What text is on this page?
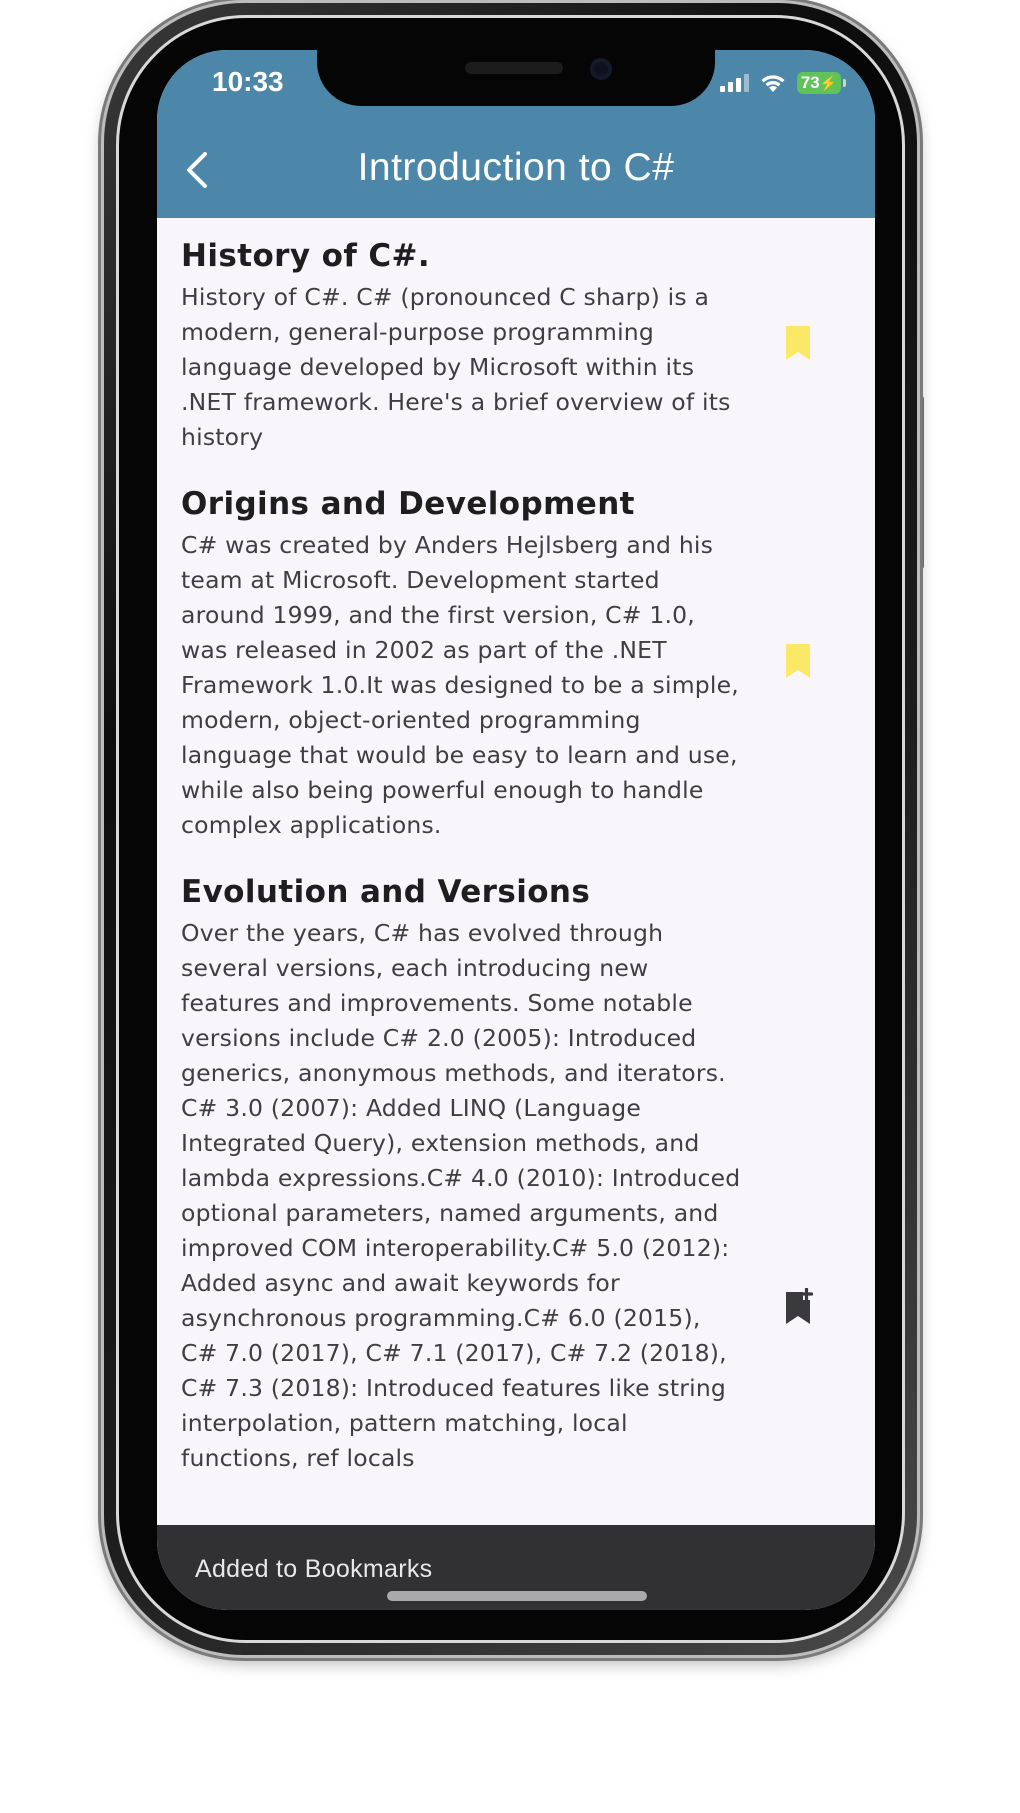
10:33	73 ⚡
Introduction to C#
History of C#.

History of C#. C# (pronounced C sharp) is a modern, general-purpose programming language developed by Microsoft within its .NET framework. Here's a brief overview of its history

Origins and Development

C# was created by Anders Hejlsberg and his team at Microsoft. Development started around 1999, and the first version, C# 1.0, was released in 2002 as part of the .NET Framework 1.0.It was designed to be a simple, modern, object-oriented programming language that would be easy to learn and use, while also being powerful enough to handle complex applications.

Evolution and Versions

Over the years, C# has evolved through several versions, each introducing new features and improvements. Some notable versions include C# 2.0 (2005): Introduced generics, anonymous methods, and iterators. C# 3.0 (2007): Added LINQ (Language Integrated Query), extension methods, and lambda expressions.C# 4.0 (2010): Introduced optional parameters, named arguments, and improved COM interoperability.C# 5.0 (2012): Added async and await keywords for asynchronous programming.C# 6.0 (2015), C# 7.0 (2017), C# 7.1 (2017), C# 7.2 (2018), C# 7.3 (2018): Introduced features like string interpolation, pattern matching, local functions, ref locals

Added to Bookmarks
